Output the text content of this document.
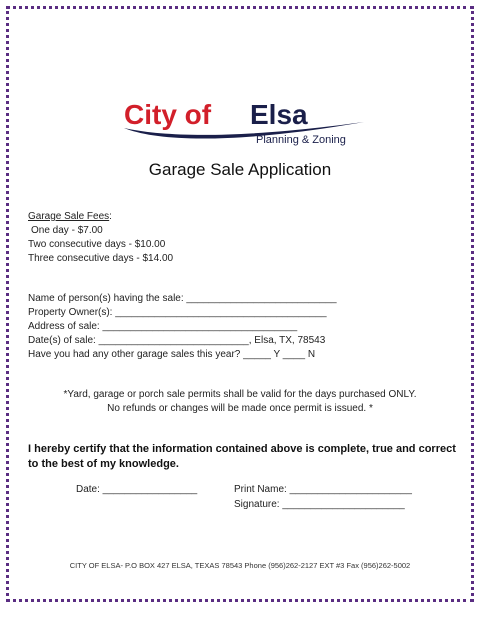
City of Elsa
Planning & Zoning
Garage Sale Application
Garage Sale Fees:
One day - $7.00
Two consecutive days - $10.00
Three consecutive days - $14.00
Name of person(s) having the sale: ___________________________
Property Owner(s): ______________________________________
Address of sale: ___________________________________
Date(s) of sale: ___________________________, Elsa, TX, 78543
Have you had any other garage sales this year? _____ Y ____ N
*Yard, garage or porch sale permits shall be valid for the days purchased ONLY.
No refunds or changes will be made once permit is issued. *
I hereby certify that the information contained above is complete, true and correct to the best of my knowledge.
Date: _________________	Print Name: ______________________
Signature: ______________________
CITY OF ELSA- P.O BOX 427 ELSA, TEXAS 78543 Phone (956)262-2127 EXT #3 Fax (956)262-5002
